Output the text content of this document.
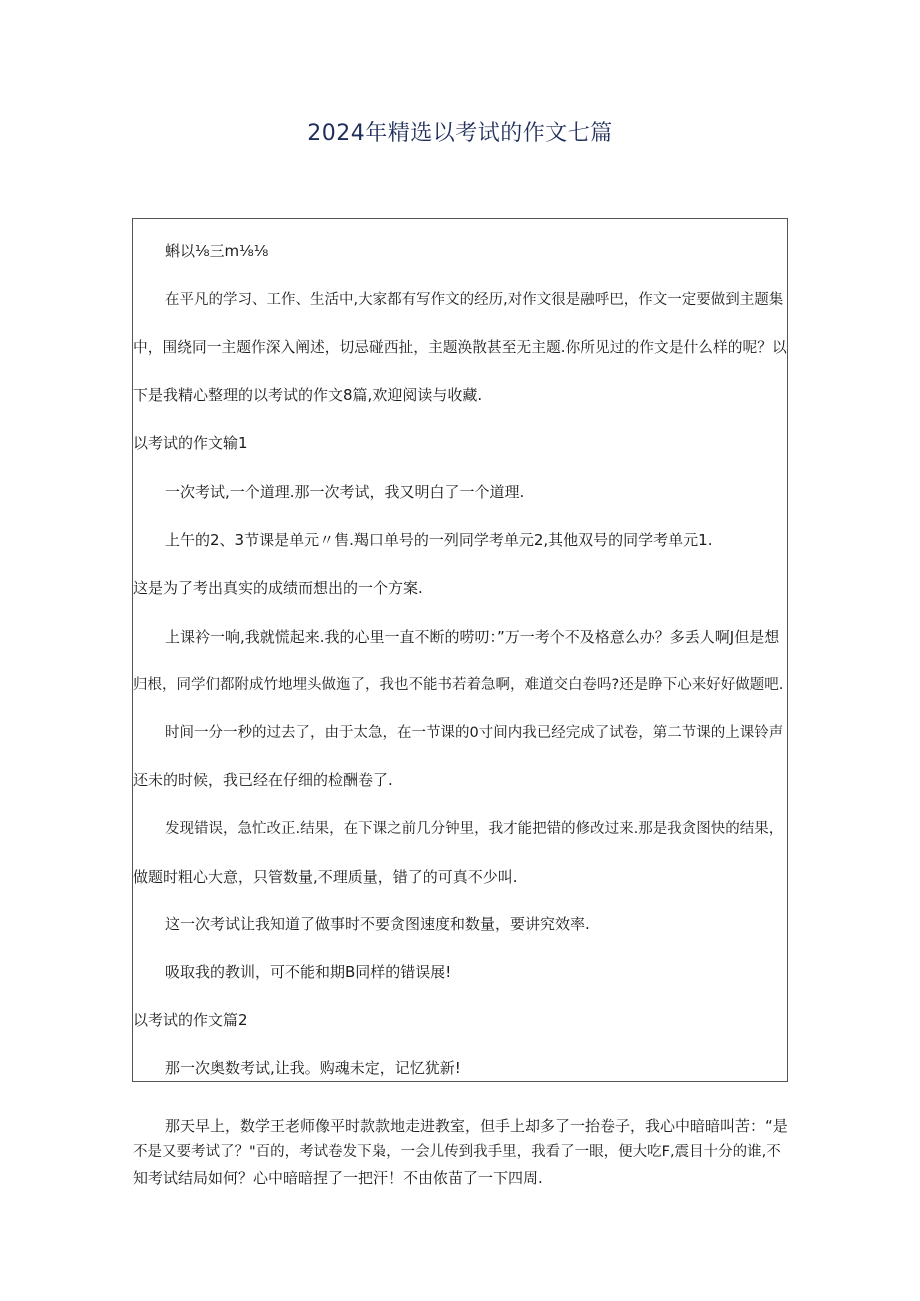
2024年精选以考试的作文七篇
蝌以⅛三m⅛⅛
在平凡的学习、工作、生活中,大家都有写作文的经历,对作文很是融呼巴，作文一定要做到主题集
中，围绕同一主题作深入阐述，切忌碰西扯，主题涣散甚至无主题.你所见过的作文是什么样的呢？以
下是我精心整理的以考试的作文8篇,欢迎阅读与收藏.
以考试的作文输1
一次考试,一个道理.那一次考试，我又明白了一个道理.
上午的2、3节课是单元〃售.羯口单号的一列同学考单元2,其他双号的同学考单元1.
这是为了考出真实的成绩而想出的一个方案.
上课衿一响,我就慌起来.我的心里一直不断的唠叨：”万一考个不及格意么办？多丢人啊J但是想
归根，同学们都附成竹地埋头做迤了，我也不能书若着急啊，难道交白卷吗?还是睁下心来好好做题吧.
时间一分一秒的过去了，由于太急，在一节课的0寸间内我已经完成了试卷，第二节课的上课铃声
还未的时候，我已经在仔细的检酬卷了.
发现错误，急忙改正.结果，在下课之前几分钟里，我才能把错的修改过来.那是我贪图快的结果，
做题时粗心大意，只管数量,不理质量，错了的可真不少叫.
这一次考试让我知道了做事时不要贪图速度和数量，要讲究效率.
吸取我的教训，可不能和期B同样的错误展!
以考试的作文篇2
那一次奥数考试,让我。购魂未定，记忆犹新!
那天早上，数学王老师像平时款款地走进教室，但手上却多了一抬卷子，我心中暗暗叫苦：“是
不是又要考试了？"百的，考试卷发下枭，一会儿传到我手里，我看了一眼，便大吃F,震目十分的谁,不
知考试结局如何？心中暗暗捏了一把汗！不由侬苗了一下四周.
